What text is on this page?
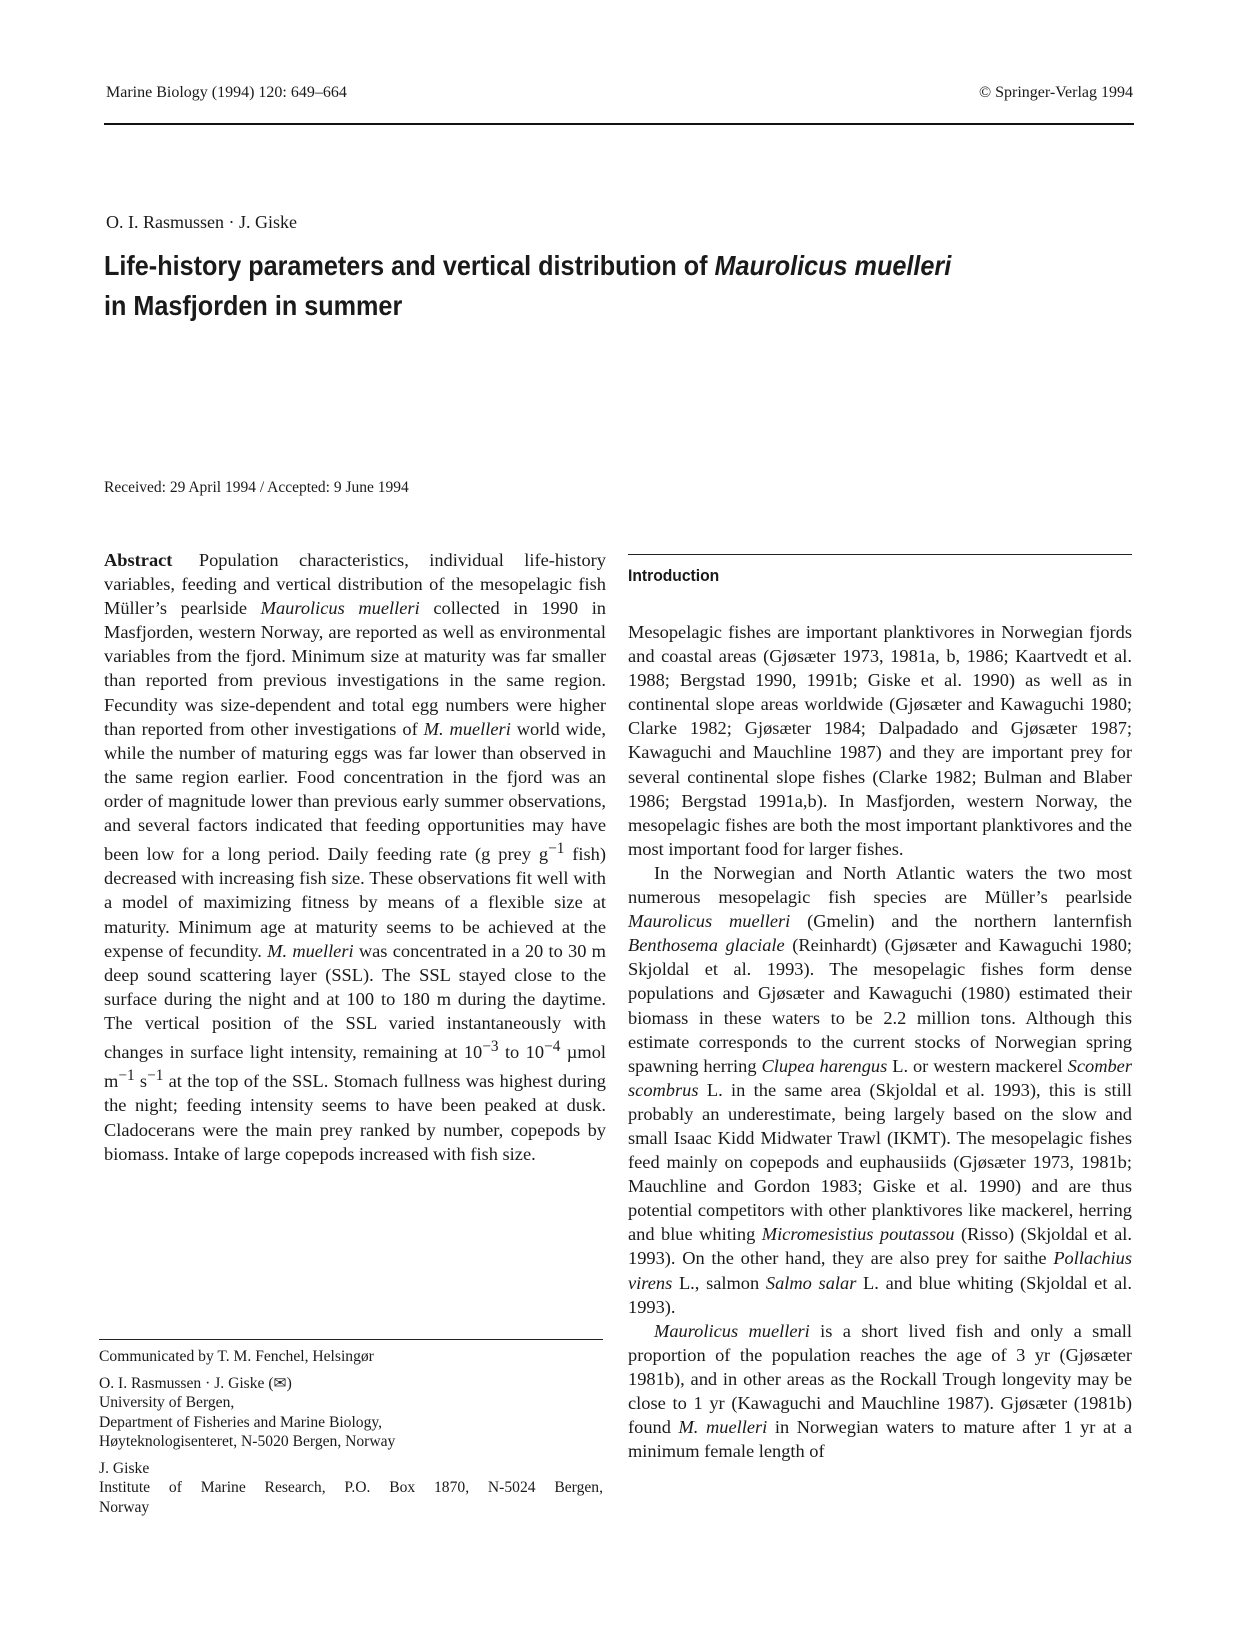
Marine Biology (1994) 120: 649–664	© Springer-Verlag 1994
O. I. Rasmussen · J. Giske
Life-history parameters and vertical distribution of Maurolicus muelleri
in Masfjorden in summer
Received: 29 April 1994 / Accepted: 9 June 1994

Abstract Population characteristics, individual life-history variables, feeding and vertical distribution of the mesopelagic fish Müller’s pearlside Maurolicus muelleri collected in 1990 in Masfjorden, western Norway, are reported as well as environmental variables from the fjord. Minimum size at maturity was far smaller than reported from previous investigations in the same region. Fecundity was size-dependent and total egg numbers were higher than reported from other investigations of M. muelleri world wide, while the number of maturing eggs was far lower than observed in the same region earlier. Food concentration in the fjord was an order of magnitude lower than previous early summer observations, and several factors indicated that feeding opportunities may have been low for a long period. Daily feeding rate (g prey $g^{-1}$ fish) decreased with increasing fish size. These observations fit well with a model of maximizing fitness by means of a flexible size at maturity. Minimum age at maturity seems to be achieved at the expense of fecundity. M. muelleri was concentrated in a 20 to 30 m deep sound scattering layer (SSL). The SSL stayed close to the surface during the night and at 100 to 180 m during the daytime. The vertical position of the SSL varied instantaneously with changes in surface light intensity, remaining at $10^{-3}$ to $10^{-4}$ µmol $m^{-1}$ $s^{-1}$ at the top of the SSL. Stomach fullness was highest during the night; feeding intensity seems to have been peaked at dusk. Cladocerans were the main prey ranked by number, copepods by biomass. Intake of large copepods increased with fish size.

Communicated by T. M. Fenchel, Helsingør

O. I. Rasmussen · J. Giske (✉)
University of Bergen,
Department of Fisheries and Marine Biology,
Høyteknologisenteret, N-5020 Bergen, Norway

J. Giske

Institute of Marine Research, P.O. Box 1870, N-5024 Bergen,
Norway

Introduction

Mesopelagic fishes are important planktivores in Norwegian fjords and coastal areas (Gjøsæter 1973, 1981a, b, 1986; Kaartvedt et al. 1988; Bergstad 1990, 1991b; Giske et al. 1990) as well as in continental slope areas worldwide (Gjøsæter and Kawaguchi 1980; Clarke 1982; Gjøsæter 1984; Dalpadado and Gjøsæter 1987; Kawaguchi and Mauchline 1987) and they are important prey for several continental slope fishes (Clarke 1982; Bulman and Blaber 1986; Bergstad 1991a,b). In Masfjorden, western Norway, the mesopelagic fishes are both the most important planktivores and the most important food for larger fishes.

In the Norwegian and North Atlantic waters the two most numerous mesopelagic fish species are Müller’s pearlside Maurolicus muelleri (Gmelin) and the northern lanternfish Benthosema glaciale (Reinhardt) (Gjøsæter and Kawaguchi 1980; Skjoldal et al. 1993). The mesopelagic fishes form dense populations and Gjøsæter and Kawaguchi (1980) estimated their biomass in these waters to be 2.2 million tons. Although this estimate corresponds to the current stocks of Norwegian spring spawning herring Clupea harengus L. or western mackerel Scomber scombrus L. in the same area (Skjoldal et al. 1993), this is still probably an underestimate, being largely based on the slow and small Isaac Kidd Midwater Trawl (IKMT). The mesopelagic fishes feed mainly on copepods and euphausiids (Gjøsæter 1973, 1981b; Mauchline and Gordon 1983; Giske et al. 1990) and are thus potential competitors with other planktivores like mackerel, herring and blue whiting Micromesistius poutassou (Risso) (Skjoldal et al. 1993). On the other hand, they are also prey for saithe Pollachius virens L., salmon Salmo salar L. and blue whiting (Skjoldal et al. 1993).

Maurolicus muelleri is a short lived fish and only a small proportion of the population reaches the age of 3 yr (Gjøsæter 1981b), and in other areas as the Rockall Trough longevity may be close to 1 yr (Kawaguchi and Mauchline 1987). Gjøsæter (1981b) found M. muelleri in Norwegian waters to mature after 1 yr at a minimum female length of
